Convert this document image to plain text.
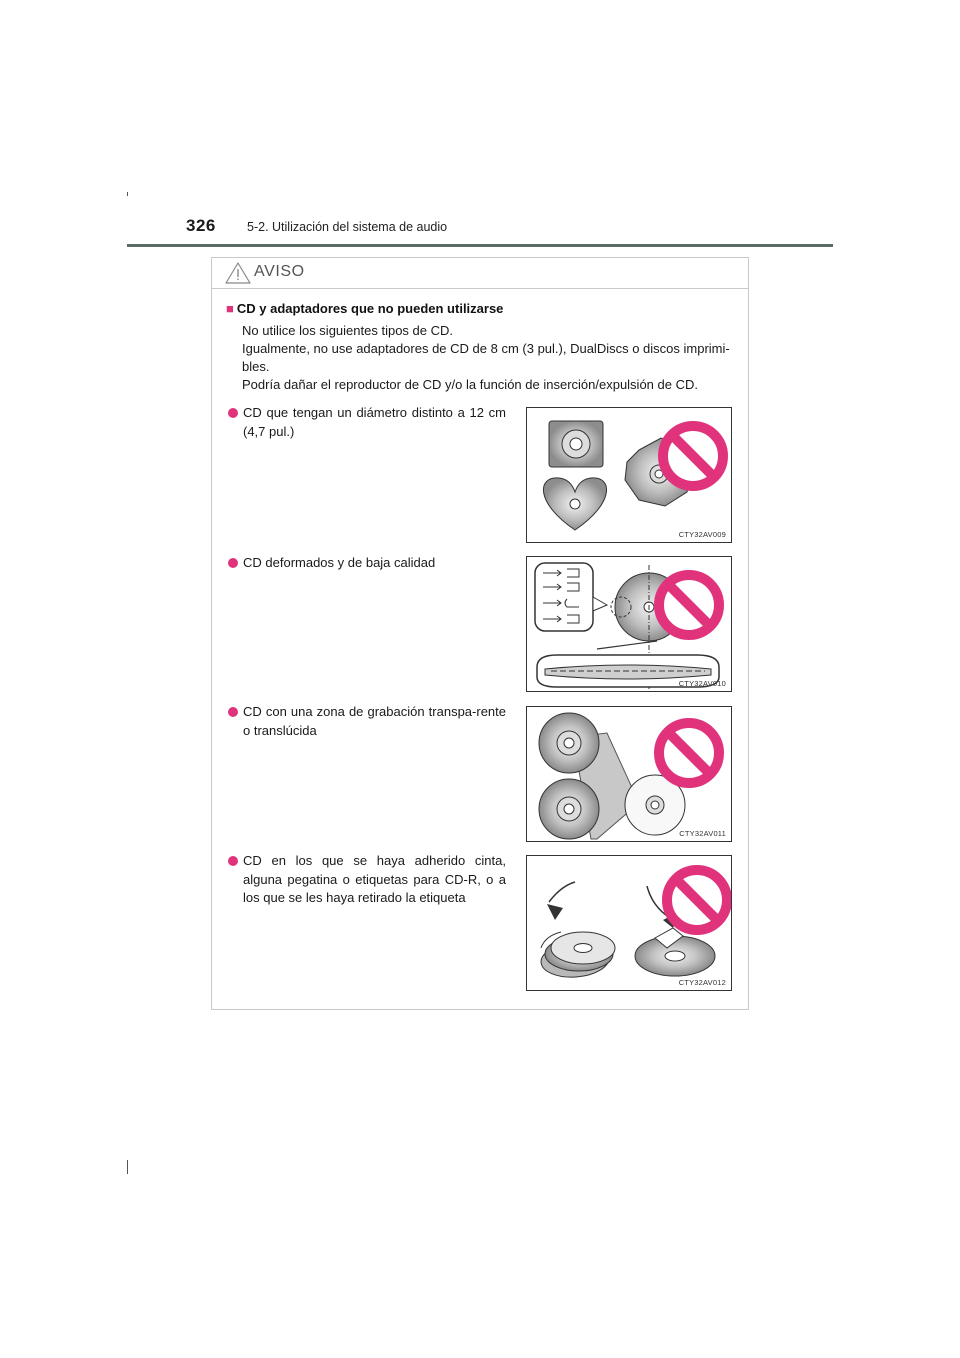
326 5-2. Utilización del sistema de audio
AVISO
■ CD y adaptadores que no pueden utilizarse

No utilice los siguientes tipos de CD.

Igualmente, no use adaptadores de CD de 8 cm (3 pul.), DualDiscs o discos imprimi-

bles.

Podría dañar el reproductor de CD y/o la función de inserción/expulsión de CD.

CD que tengan un diámetro distinto a 12 cm (4,7 pul.)
CTY32AV009
CD deformados y de baja calidad
CTY32AV010
CD con una zona de grabación transpa-rente o translúcida
CTY32AV011
CD en los que se haya adherido cinta, alguna pegatina o etiquetas para CD-R, o a los que se les haya retirado la etiqueta
CTY32AV012
